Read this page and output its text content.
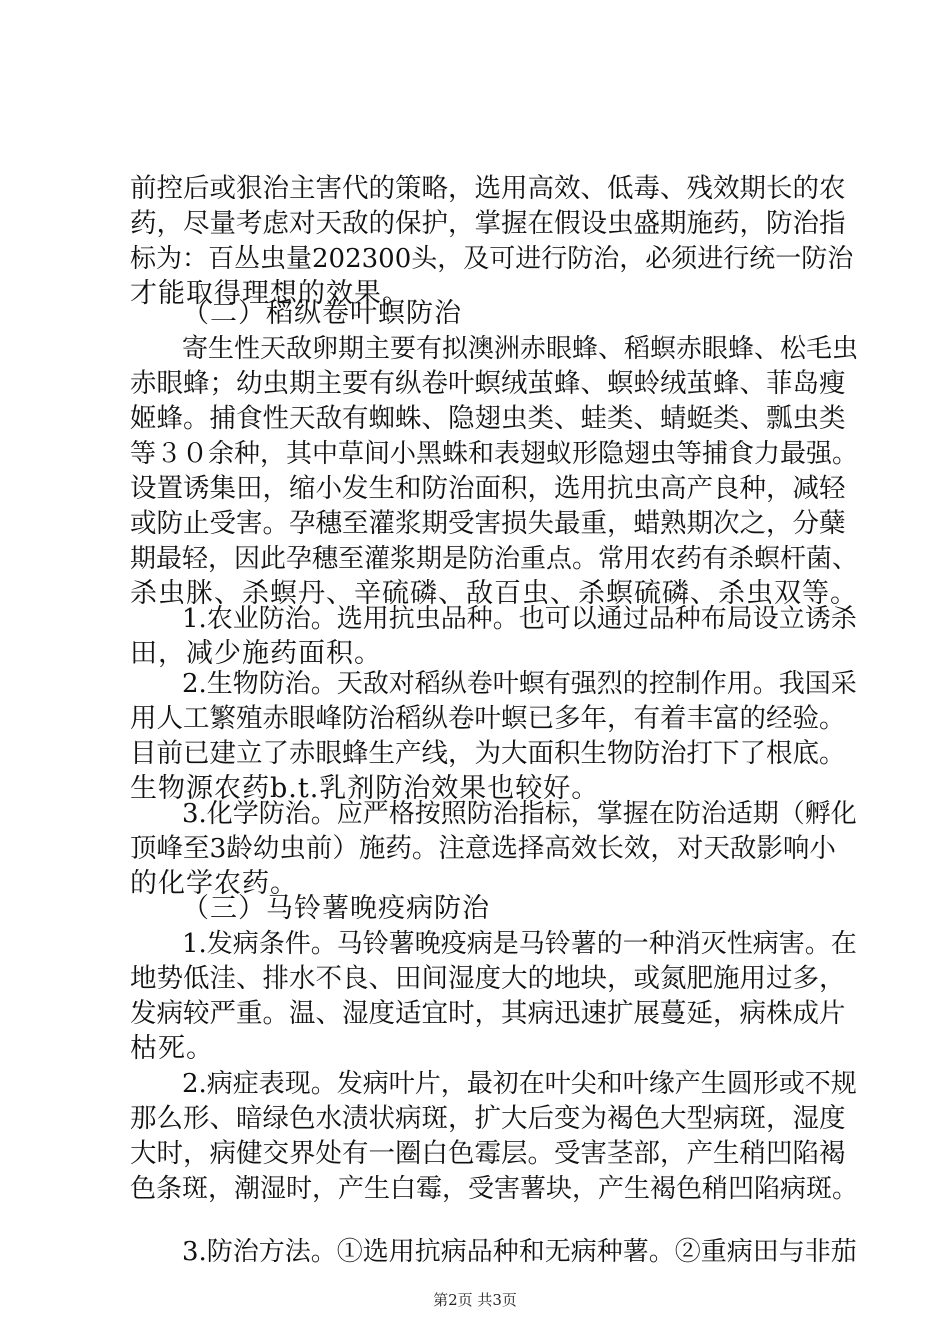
前控后或狠治主害代的策略，选用高效、低毒、残效期长的农
药，尽量考虑对天敌的保护，掌握在假设虫盛期施药，防治指
标为：百丛虫量202300头，及可进行防治，必须进行统一防治
才能取得理想的效果。
（二）稻纵卷叶螟防治
寄生性天敌卵期主要有拟澳洲赤眼蜂、稻螟赤眼蜂、松毛虫
赤眼蜂；幼虫期主要有纵卷叶螟绒茧蜂、螟蛉绒茧蜂、菲岛瘦
姬蜂。捕食性天敌有蜘蛛、隐翅虫类、蛙类、蜻蜓类、瓢虫类
等３０余种，其中草间小黑蛛和表翅蚁形隐翅虫等捕食力最强。
设置诱集田，缩小发生和防治面积，选用抗虫高产良种，减轻
或防止受害。孕穗至灌浆期受害损失最重，蜡熟期次之，分蘖
期最轻，因此孕穗至灌浆期是防治重点。常用农药有杀螟杆菌、
杀虫脒、杀螟丹、辛硫磷、敌百虫、杀螟硫磷、杀虫双等。
1.农业防治。选用抗虫品种。也可以通过品种布局设立诱杀
田，减少施药面积。
2.生物防治。天敌对稻纵卷叶螟有强烈的控制作用。我国采
用人工繁殖赤眼峰防治稻纵卷叶螟已多年，有着丰富的经验。
目前已建立了赤眼蜂生产线，为大面积生物防治打下了根底。
生物源农药b.t.乳剂防治效果也较好。
3.化学防治。应严格按照防治指标，掌握在防治适期（孵化
顶峰至3龄幼虫前）施药。注意选择高效长效，对天敌影响小
的化学农药。
（三）马铃薯晚疫病防治
1.发病条件。马铃薯晚疫病是马铃薯的一种消灭性病害。在
地势低洼、排水不良、田间湿度大的地块，或氮肥施用过多，
发病较严重。温、湿度适宜时，其病迅速扩展蔓延，病株成片
枯死。
2.病症表现。发病叶片，最初在叶尖和叶缘产生圆形或不规
那么形、暗绿色水渍状病斑，扩大后变为褐色大型病斑，湿度
大时，病健交界处有一圈白色霉层。受害茎部，产生稍凹陷褐
色条斑，潮湿时，产生白霉，受害薯块，产生褐色稍凹陷病斑。
3.防治方法。①选用抗病品种和无病种薯。②重病田与非茄
第2页 共3页
